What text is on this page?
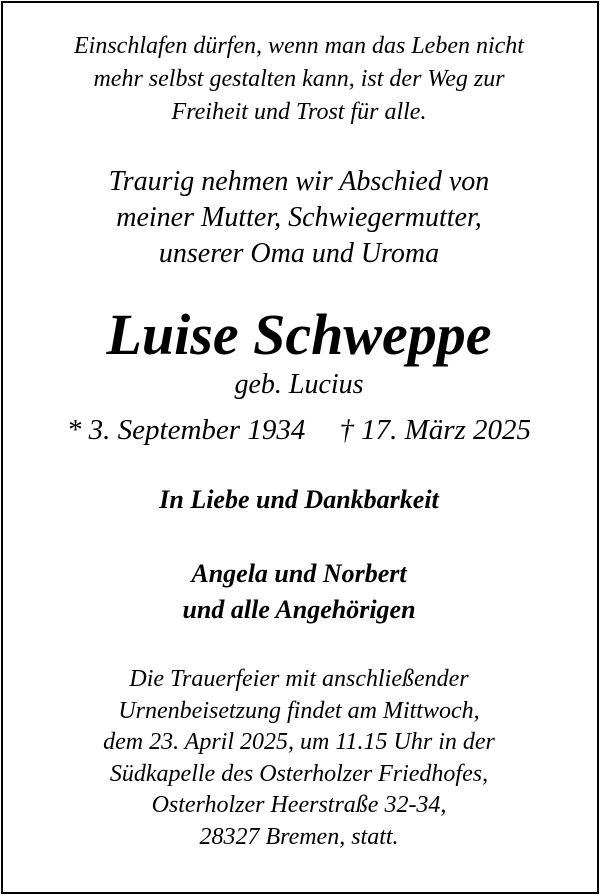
Einschlafen dürfen, wenn man das Leben nicht
mehr selbst gestalten kann, ist der Weg zur
Freiheit und Trost für alle.
Traurig nehmen wir Abschied von
meiner Mutter, Schwiegermutter,
unserer Oma und Uroma
Luise Schweppe
geb. Lucius
* 3. September 1934 † 17. März 2025
In Liebe und Dankbarkeit
Angela und Norbert
und alle Angehörigen
Die Trauerfeier mit anschließender
Urnenbeisetzung findet am Mittwoch,
dem 23. April 2025, um 11.15 Uhr in der
Südkapelle des Osterholzer Friedhofes,
Osterholzer Heerstraße 32-34,
28327 Bremen, statt.
